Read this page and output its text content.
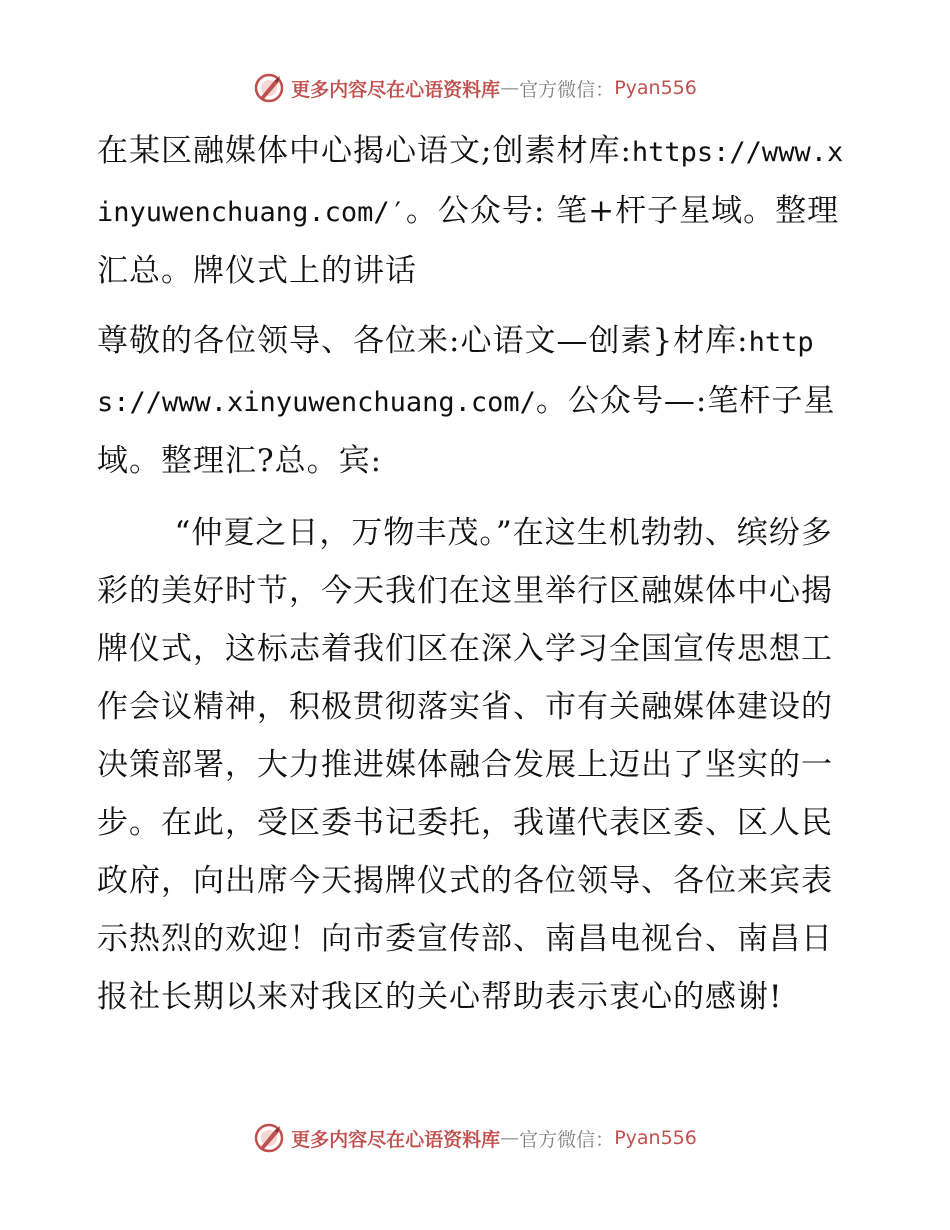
更多内容尽在心语资料库 — 官方微信： Pyan556

在某区融媒体中心揭心语文;创素材库:https://www.xinyuwenchuang.com/′。公众号: 笔+杆子星域。整理汇总。牌仪式上的讲话

尊敬的各位领导、各位来:心语文—创素}材库:https://www.xinyuwenchuang.com/。公众号—:笔杆子星域。整理汇?总。宾:

“仲夏之日，万物丰茂。”在这生机勃勃、缤纷多彩的美好时节，今天我们在这里举行区融媒体中心揭牌仪式，这标志着我们区在深入学习全国宣传思想工作会议精神，积极贯彻落实省、市有关融媒体建设的决策部署，大力推进媒体融合发展上迈出了坚实的一步。在此，受区委书记委托，我谨代表区委、区人民政府，向出席今天揭牌仪式的各位领导、各位来宾表示热烈的欢迎！向市委宣传部、南昌电视台、南昌日报社长期以来对我区的关心帮助表示衷心的感谢!

更多内容尽在心语资料库 — 官方微信： Pyan556
